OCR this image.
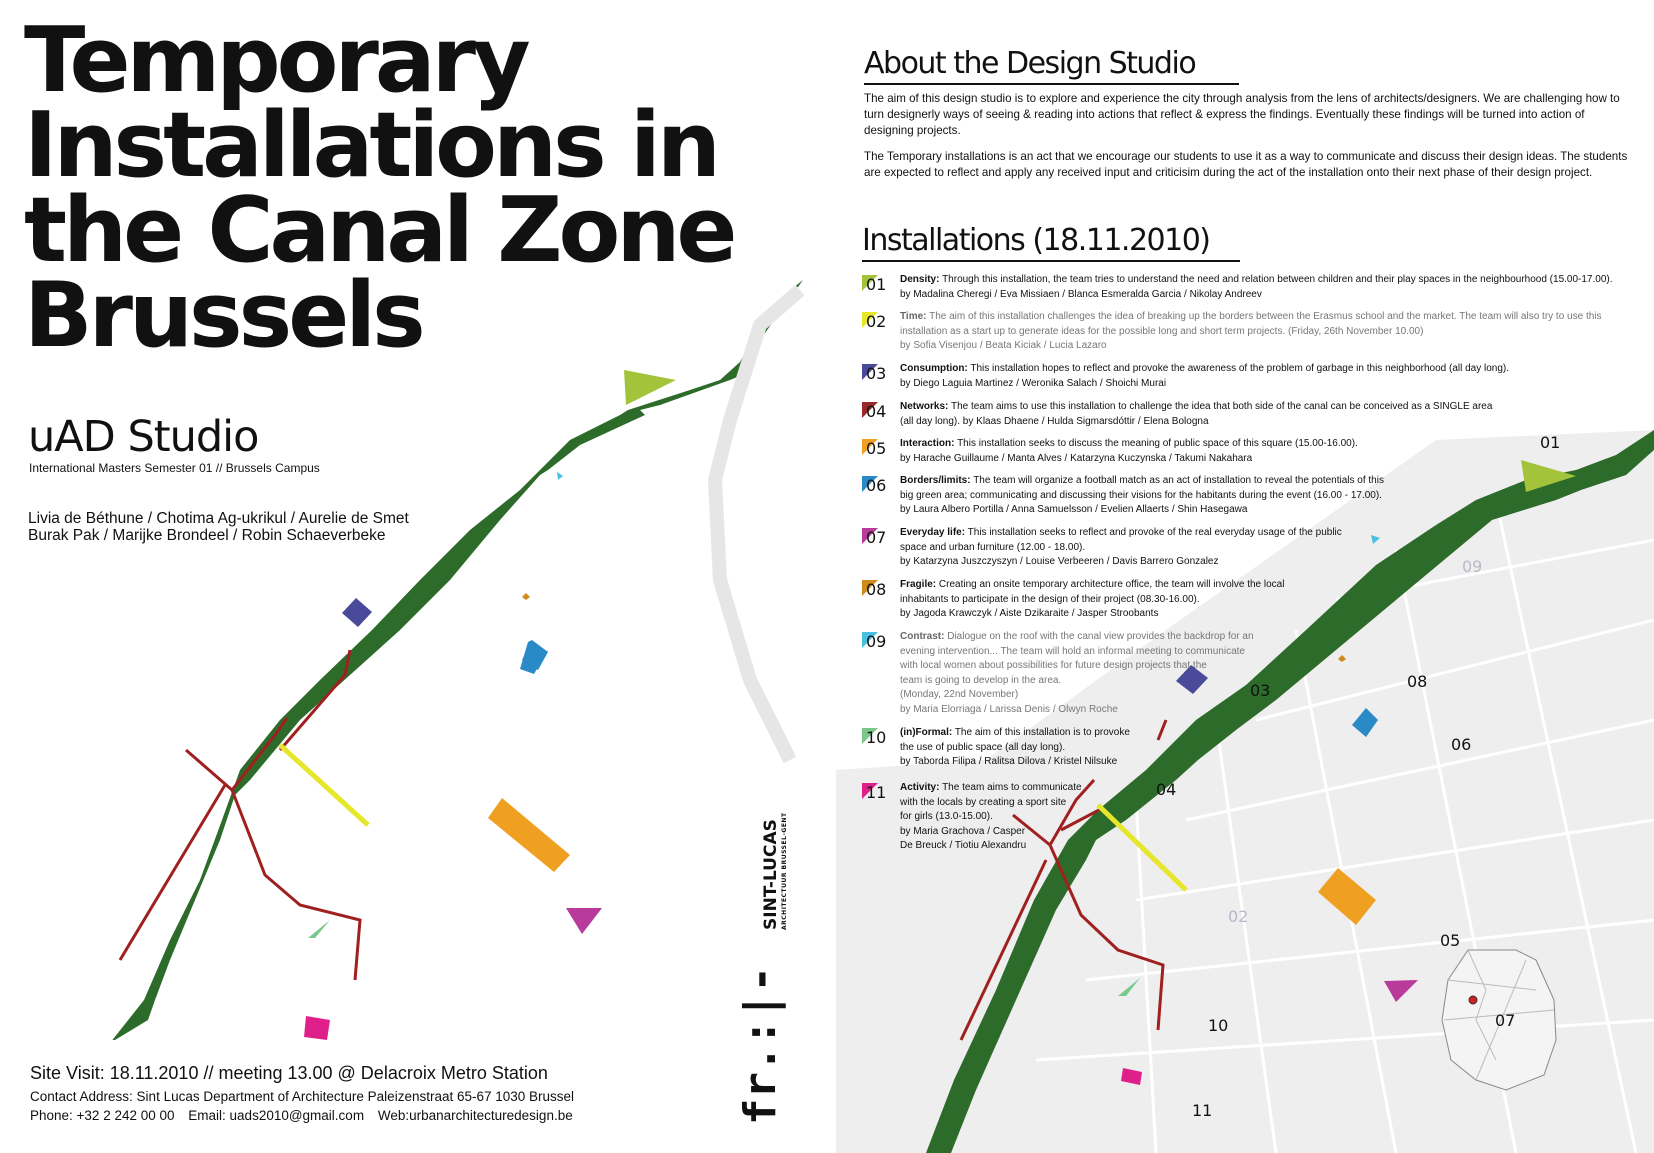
Temporary
Installations in
the Canal Zone
Brussels
uAD Studio
International Masters Semester 01 // Brussels Campus
Livia de Béthune / Chotima Ag-ukrikul / Aurelie de Smet
Burak Pak / Marijke Brondeel / Robin Schaeverbeke
Site Visit: 18.11.2010 // meeting 13.00 @ Delacroix Metro Station
Contact Address: Sint Lucas Department of Architecture Paleizenstraat 65-67 1030 Brussel
Phone: +32 2 242 00 00 Email: uads2010@gmail.com Web:urbanarchitecturedesign.be	fr.:|-
SINT-LUCAS ARCHITECTUUR BRUSSEL-GENT
01
02
03
04
05
06
07
08
09
10
11
About the Design Studio

The aim of this design studio is to explore and experience the city through analysis from the lens of architects/designers. We are challenging how to turn designerly ways of seeing & reading into actions that reflect & express the findings. Eventually these findings will be turned into action of designing projects.

The Temporary installations is an act that we encourage our students to use it as a way to communicate and discuss their design ideas. The students are expected to reflect and apply any received input and criticisim during the act of the installation onto their next phase of their design project.

Installations (18.11.2010)
01 Density: Through this installation, the team tries to understand the need and relation between children and their play spaces in the neighbourhood (15.00-17.00).
by Madalina Cheregi / Eva Missiaen / Blanca Esmeralda Garcia / Nikolay Andreev
02 Time: The aim of this installation challenges the idea of breaking up the borders between the Erasmus school and the market. The team will also try to use this
installation as a start up to generate ideas for the possible long and short term projects. (Friday, 26th November 10.00)
by Sofia Visenjou / Beata Kiciak / Lucia Lazaro
03 Consumption: This installation hopes to reflect and provoke the awareness of the problem of garbage in this neighborhood (all day long).
by Diego Laguia Martinez / Weronika Salach / Shoichi Murai
04 Networks: The team aims to use this installation to challenge the idea that both side of the canal can be conceived as a SINGLE area
(all day long). by Klaas Dhaene / Hulda Sigmarsdóttir / Elena Bologna
05 Interaction: This installation seeks to discuss the meaning of public space of this square (15.00-16.00).
by Harache Guillaume / Manta Alves / Katarzyna Kuczynska / Takumi Nakahara
06 Borders/limits: The team will organize a football match as an act of installation to reveal the potentials of this
big green area; communicating and discussing their visions for the habitants during the event (16.00 - 17.00).
by Laura Albero Portilla / Anna Samuelsson / Evelien Allaerts / Shin Hasegawa
07 Everyday life: This installation seeks to reflect and provoke of the real everyday usage of the public
space and urban furniture (12.00 - 18.00).
by Katarzyna Juszczyszyn / Louise Verbeeren / Davis Barrero Gonzalez
08 Fragile: Creating an onsite temporary architecture office, the team will involve the local
inhabitants to participate in the design of their project (08.30-16.00).
by Jagoda Krawczyk / Aiste Dzikaraite / Jasper Stroobants
09 Contrast: Dialogue on the roof with the canal view provides the backdrop for an
evening intervention... The team will hold an informal meeting to communicate
with local women about possibilities for future design projects that the
team is going to develop in the area.
(Monday, 22nd November)
by Maria Elorriaga / Larissa Denis / Olwyn Roche
10 (in)Formal: The aim of this installation is to provoke
the use of public space (all day long).
by Taborda Filipa / Ralitsa Dilova / Kristel Nilsuke
11 Activity: The team aims to communicate
with the locals by creating a sport site
for girls (13.0-15.00).
by Maria Grachova / Casper
De Breuck / Tiotiu Alexandru
